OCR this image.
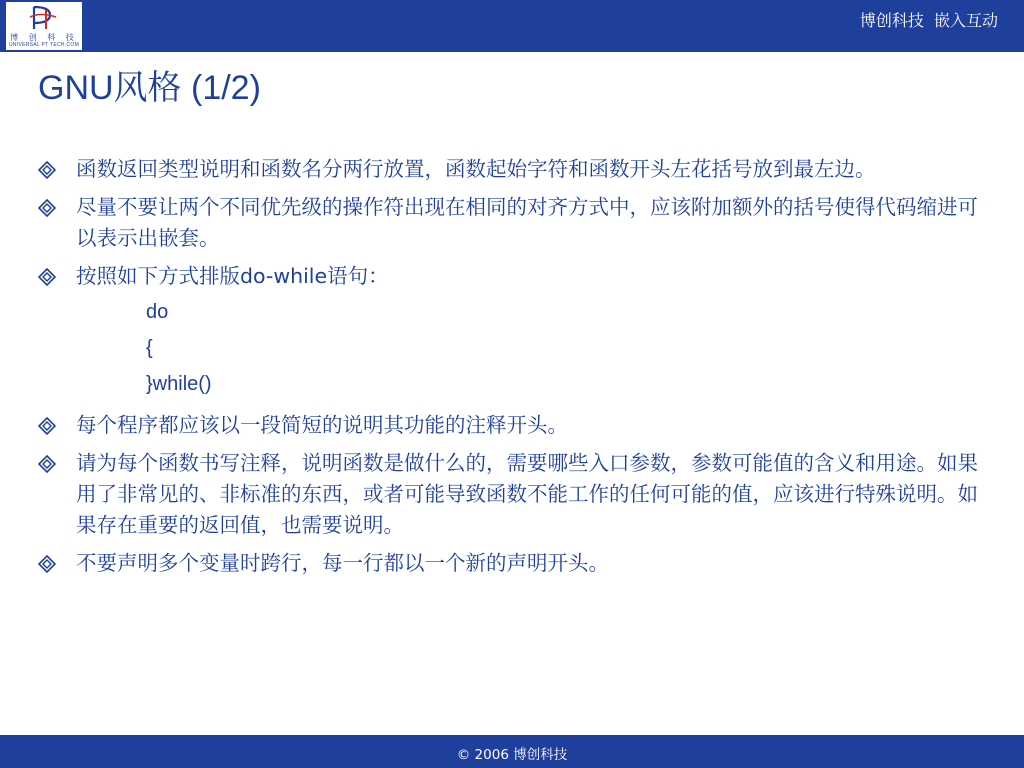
博 创 科 技
UNIVERSAL PT TECH.COM
博创科技  嵌入互动
GNU风格 (1/2)
函数返回类型说明和函数名分两行放置，函数起始字符和函数开头左花括号放到最左边。
尽量不要让两个不同优先级的操作符出现在相同的对齐方式中，应该附加额外的括号使得代码缩进可以表示出嵌套。
按照如下方式排版do-while语句：
do
{
}while()
每个程序都应该以一段简短的说明其功能的注释开头。
请为每个函数书写注释，说明函数是做什么的，需要哪些入口参数，参数可能值的含义和用途。如果用了非常见的、非标准的东西，或者可能导致函数不能工作的任何可能的值，应该进行特殊说明。如果存在重要的返回值，也需要说明。
不要声明多个变量时跨行，每一行都以一个新的声明开头。
© 2006 博创科技
